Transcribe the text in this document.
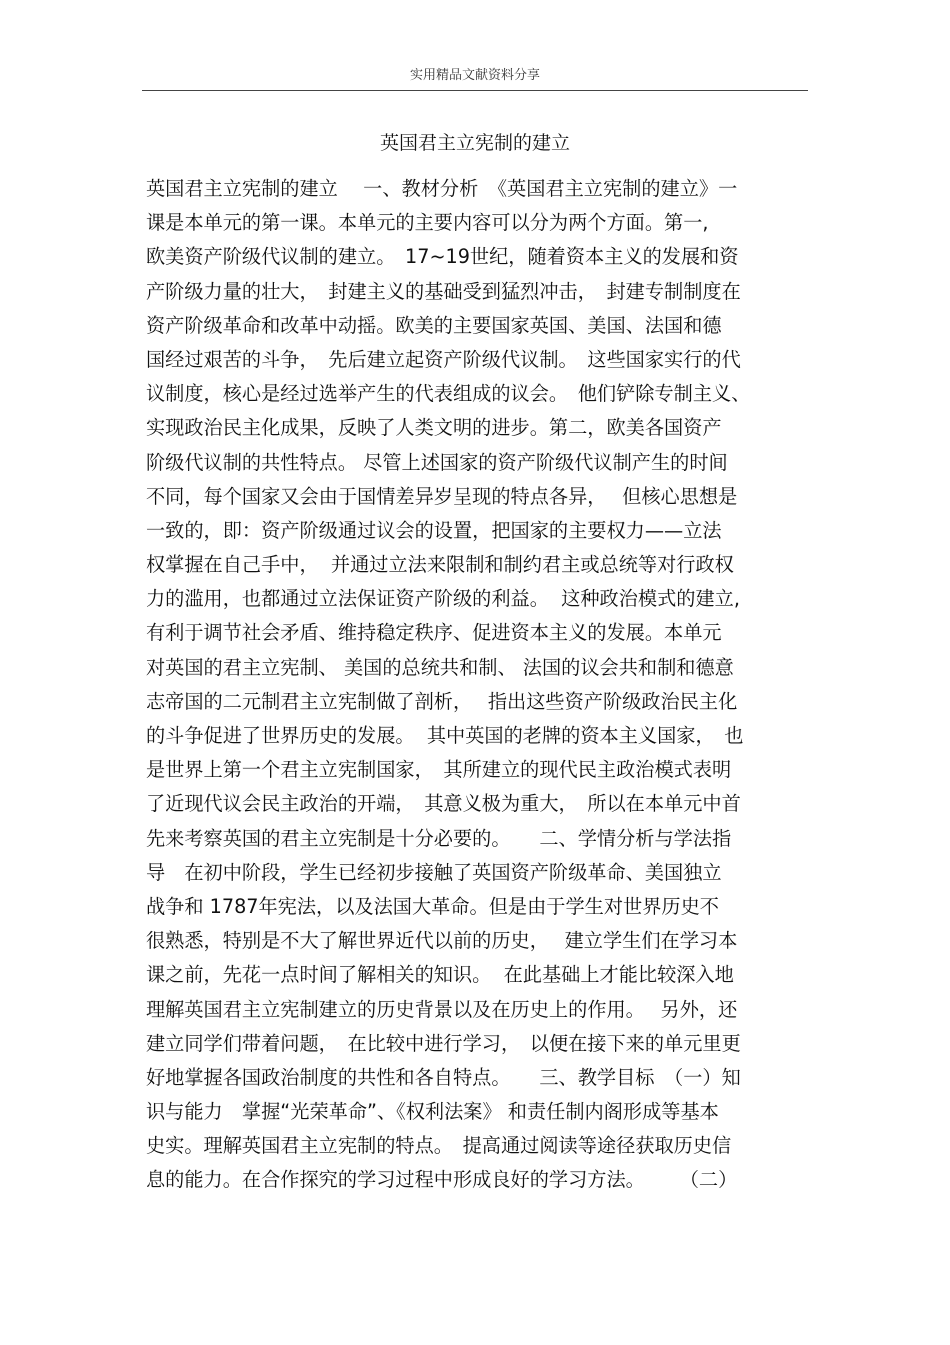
实用精品文献资料分享
英国君主立宪制的建立
英国君主立宪制的建立　 一、教材分析　《英国君主立宪制的建立》一
课是本单元的第一课。本单元的主要内容可以分为两个方面。第一,
欧美资产阶级代议制的建立。　17~19世纪，随着资本主义的发展和资
产阶级力量的壮大，　封建主义的基础受到猛烈冲击，　封建专制制度在
资产阶级革命和改革中动摇。欧美的主要国家英国、美国、法国和德
国经过艰苦的斗争，　先后建立起资产阶级代议制。　这些国家实行的代
议制度，核心是经过选举产生的代表组成的议会。　他们铲除专制主义、
实现政治民主化成果，反映了人类文明的进步。第二，欧美各国资产
阶级代议制的共性特点。 尽管上述国家的资产阶级代议制产生的时间
不同，每个国家又会由于国情差异岁呈现的特点各异，　 但核心思想是
一致的，即：资产阶级通过议会的设置，把国家的主要权力——立法
权掌握在自己手中，  并通过立法来限制和制约君主或总统等对行政权
力的滥用，也都通过立法保证资产阶级的利益。  这种政治模式的建立,
有利于调节社会矛盾、维持稳定秩序、促进资本主义的发展。本单元
对英国的君主立宪制、 美国的总统共和制、 法国的议会共和制和德意
志帝国的二元制君主立宪制做了剖析，　 指出这些资产阶级政治民主化
的斗争促进了世界历史的发展。  其中英国的老牌的资本主义国家，　也
是世界上第一个君主立宪制国家，　其所建立的现代民主政治模式表明
了近现代议会民主政治的开端，　其意义极为重大，　所以在本单元中首
先来考察英国的君主立宪制是十分必要的。　　二、学情分析与学法指
导　在初中阶段，学生已经初步接触了英国资产阶级革命、美国独立
战争和 1787年宪法，以及法国大革命。但是由于学生对世界历史不
很熟悉，特别是不大了解世界近代以前的历史，　 建立学生们在学习本
课之前，先花一点时间了解相关的知识。  在此基础上才能比较深入地
理解英国君主立宪制建立的历史背景以及在历史上的作用。　 另外，还
建立同学们带着问题，　在比较中进行学习，　以便在接下来的单元里更
好地掌握各国政治制度的共性和各自特点。　　三、教学目标　（一）知
识与能力　掌握“光荣革命”、《权利法案》 和责任制内阁形成等基本
史实。理解英国君主立宪制的特点。　提高通过阅读等途径获取历史信
息的能力。在合作探究的学习过程中形成良好的学习方法。　　 （二）
